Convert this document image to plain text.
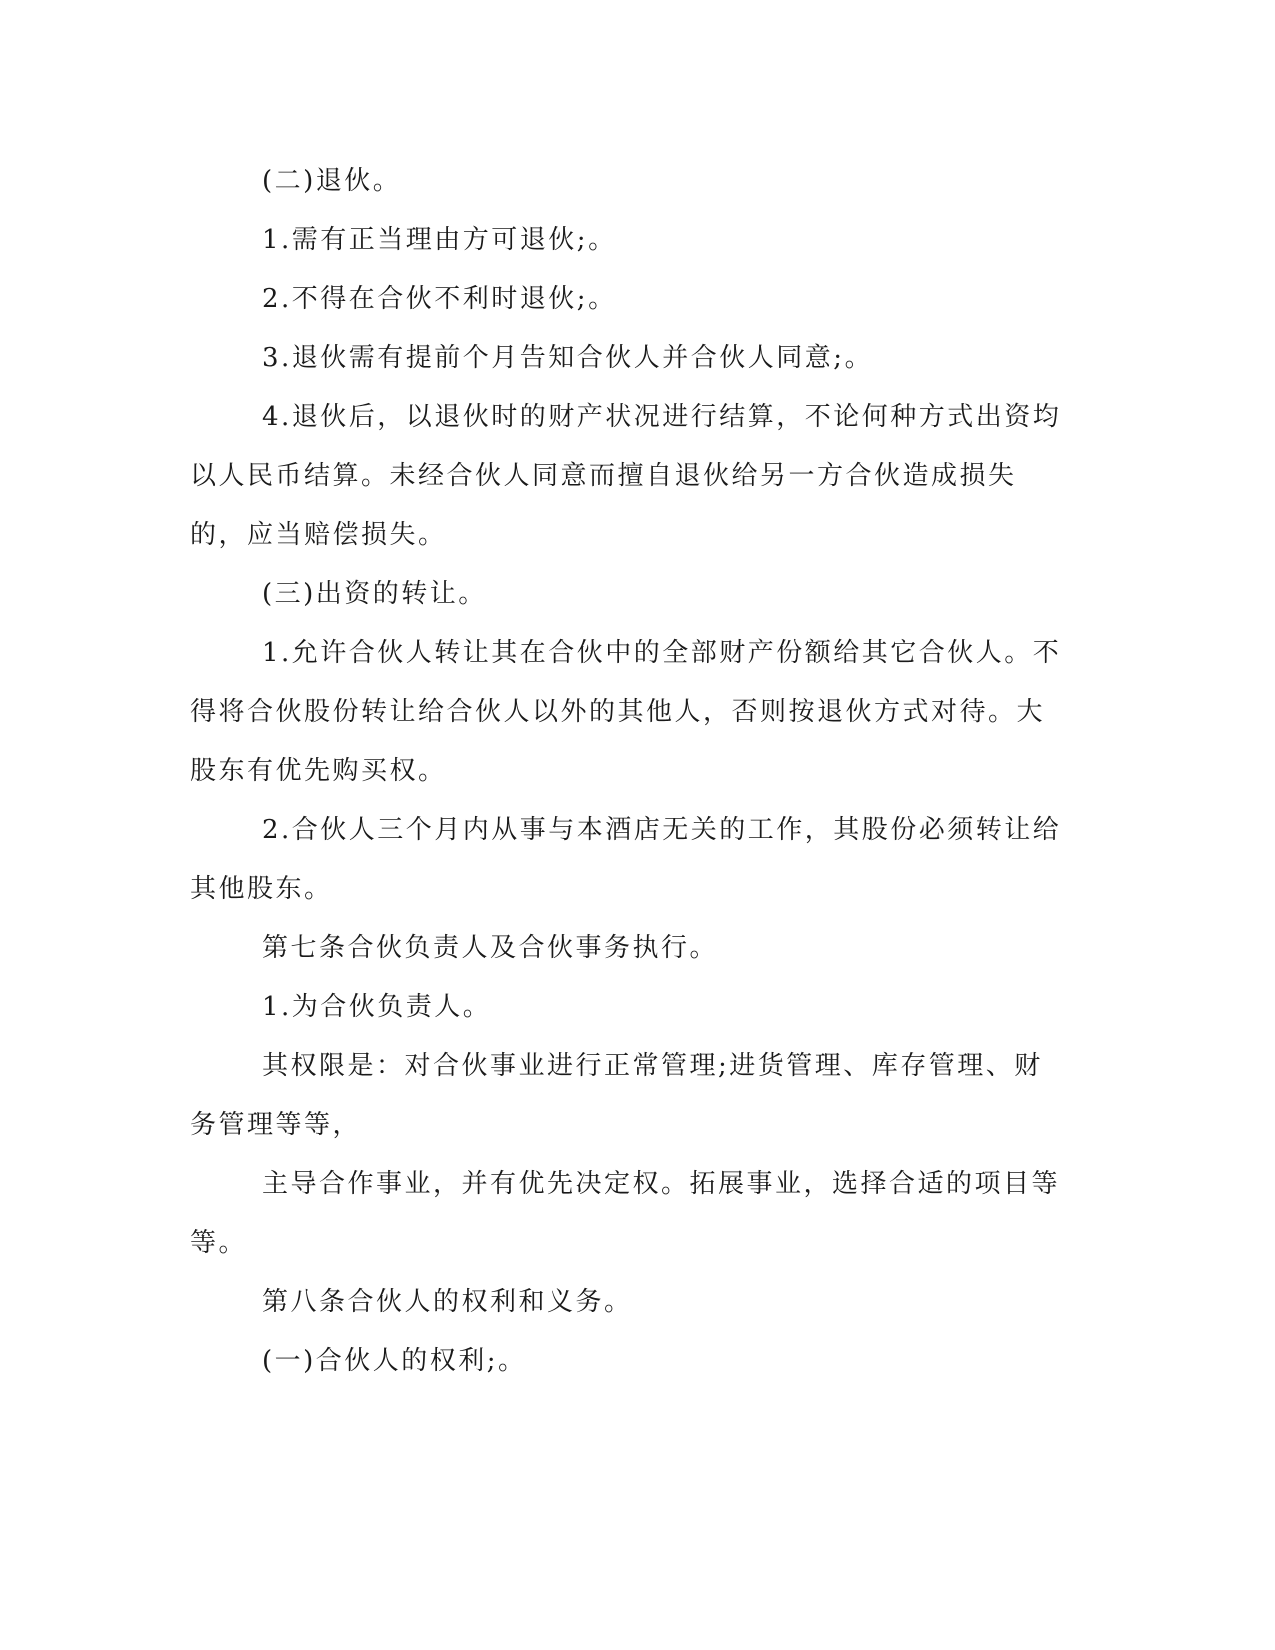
(二)退伙。

1.需有正当理由方可退伙;。

2.不得在合伙不利时退伙;。

3.退伙需有提前个月告知合伙人并合伙人同意;。

4.退伙后，以退伙时的财产状况进行结算，不论何种方式出资均以人民币结算。未经合伙人同意而擅自退伙给另一方合伙造成损失的，应当赔偿损失。

(三)出资的转让。

1.允许合伙人转让其在合伙中的全部财产份额给其它合伙人。不得将合伙股份转让给合伙人以外的其他人，否则按退伙方式对待。大股东有优先购买权。

2.合伙人三个月内从事与本酒店无关的工作，其股份必须转让给其他股东。

第七条合伙负责人及合伙事务执行。

1.为合伙负责人。

其权限是：对合伙事业进行正常管理;进货管理、库存管理、财务管理等等，

主导合作事业，并有优先决定权。拓展事业，选择合适的项目等等。

第八条合伙人的权利和义务。

(一)合伙人的权利;。
